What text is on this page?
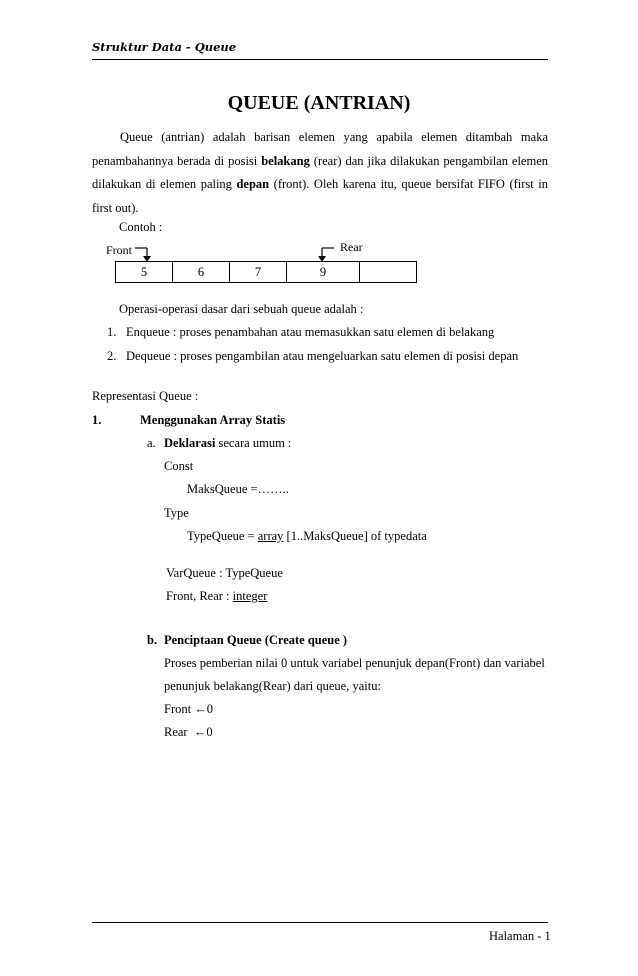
Struktur Data - Queue
QUEUE (ANTRIAN)
Queue (antrian) adalah barisan elemen yang apabila elemen ditambah maka penambahannya berada di posisi belakang (rear) dan jika dilakukan pengambilan elemen dilakukan di elemen paling depan (front). Oleh karena itu, queue bersifat FIFO (first in first out).
Contoh :
Front	Rear
5	6	7	9	
Operasi-operasi dasar dari sebuah queue adalah :
1. Enqueue : proses penambahan atau memasukkan satu elemen di belakang
2. Dequeue : proses pengambilan atau mengeluarkan satu elemen di posisi depan
Representasi Queue :
1.	Menggunakan Array Statis
a. Deklarasi secara umum :
Const
MaksQueue =……..
Type
TypeQueue = array [1..MaksQueue] of typedata
VarQueue : TypeQueue
Front, Rear : integer
b. Penciptaan Queue (Create queue )
Proses pemberian nilai 0 untuk variabel penunjuk depan(Front) dan variabel
penunjuk belakang(Rear) dari queue, yaitu:
Front ←0
Rear ←0
Halaman - 1
